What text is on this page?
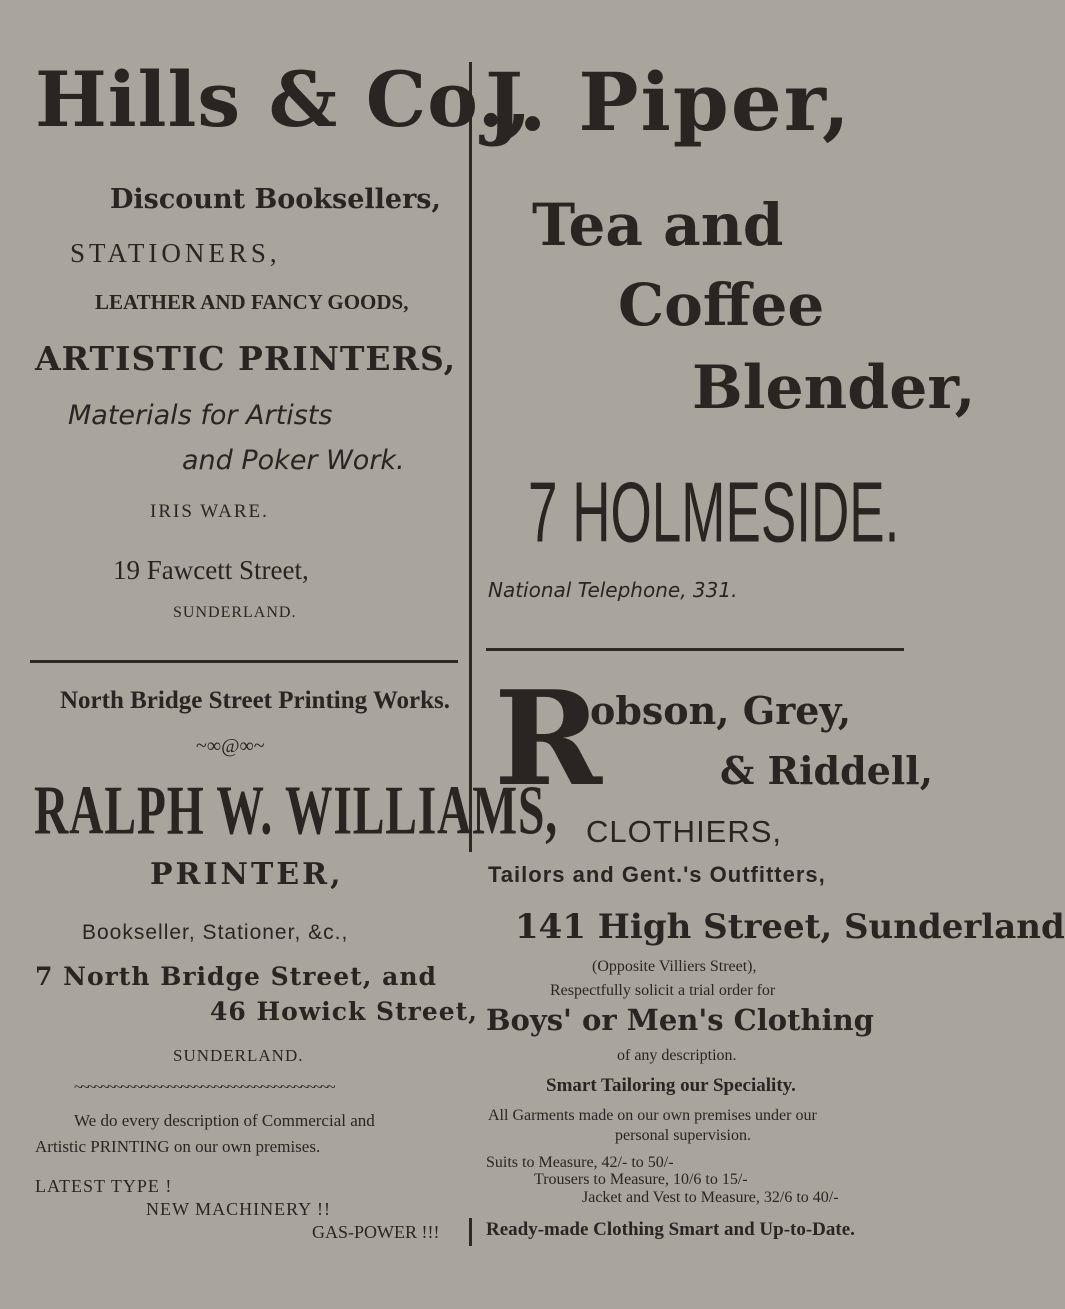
Hills & Co.,
Discount Booksellers,
STATIONERS,
LEATHER AND FANCY GOODS,
ARTISTIC PRINTERS,
Materials for Artists
and Poker Work.
IRIS WARE.
19 Fawcett Street,
SUNDERLAND.
J. Piper,
Tea and
Coffee
Blender,
7 HOLMESIDE.
National Telephone, 331.
North Bridge Street Printing Works.
~∞@∞~
RALPH W. WILLIAMS,
PRINTER,
Bookseller, Stationer, &c.,
7 North Bridge Street, and
46 Howick Street,
SUNDERLAND.
~~~~~~~~~~~~~~~~~~~~~~~~~~~~~~~~~~~~~~~
We do every description of Commercial and
Artistic PRINTING on our own premises.
LATEST TYPE !
NEW MACHINERY !!
GAS-POWER !!!
R
obson, Grey,
& Riddell,
CLOTHIERS,
Tailors and Gent.'s Outfitters,
141 High Street, Sunderland
(Opposite Villiers Street),
Respectfully solicit a trial order for
Boys' or Men's Clothing
of any description.
Smart Tailoring our Speciality.
All Garments made on our own premises under our
personal supervision.
Suits to Measure, 42/- to 50/-
Trousers to Measure, 10/6 to 15/-
Jacket and Vest to Measure, 32/6 to 40/-
Ready-made Clothing Smart and Up-to-Date.
